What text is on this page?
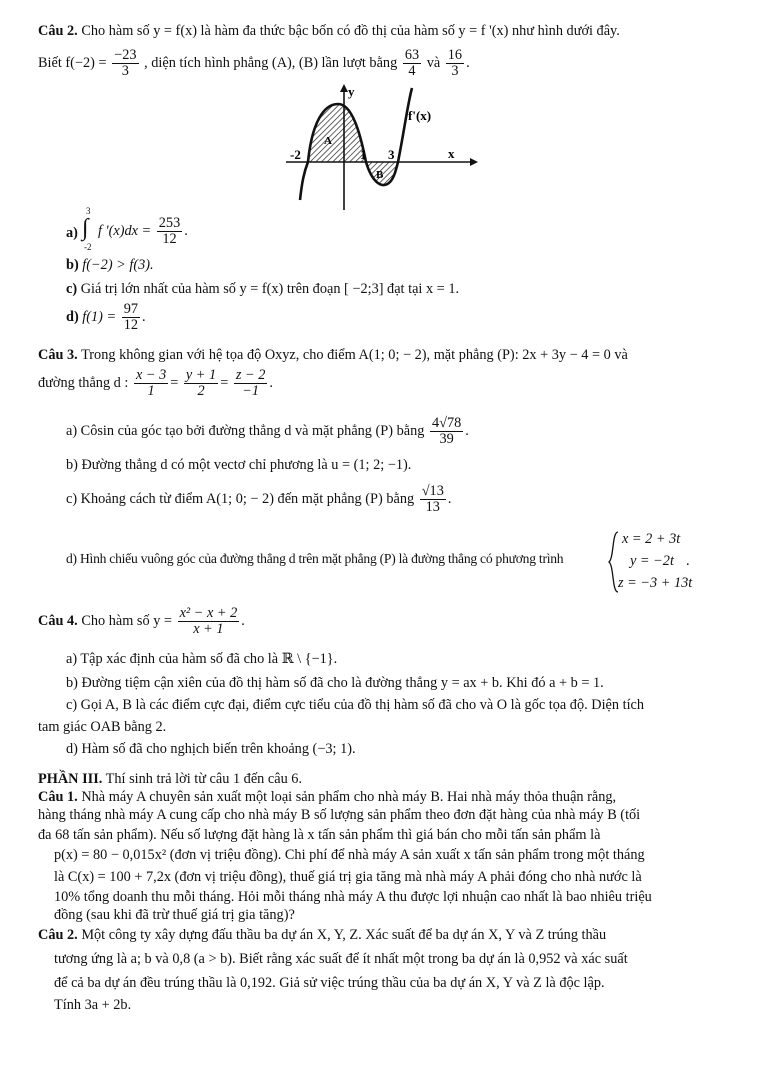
Câu 2. Cho hàm số y = f(x) là hàm đa thức bậc bốn có đồ thị của hàm số y = f '(x) như hình dưới đây.
Biết $f(-2) = \frac{-23}{3}$ , diện tích hình phẳng (A), (B) lần lượt bằng $\frac{63}{4}$ và $\frac{16}{3}$ .
y
x
f'(x)
A
B
-2	1 3
a)
3
∫
-2
f '$(x)dx = \frac{253}{12}$ .
b) f(−2) > f(3).
c) Giá trị lớn nhất của hàm số y = f(x) trên đoạn [ −2;3] đạt tại x = 1.
d) $f(1) = \frac{97}{12}$ .
Câu 3. Trong không gian với hệ tọa độ Oxyz, cho điểm A(1; 0; − 2), mặt phẳng (P): 2x + 3y − 4 = 0 và
đường thẳng d : $\frac{x - 3}{1} = \frac{y + 1}{2} = \frac{z - 2}{-1}$ .
a) Côsin của góc tạo bởi đường thẳng d và mặt phẳng (P) bằng $\frac{4√78}{39}$ .
b) Đường thẳng d có một vectơ chỉ phương là u = (1; 2; −1).
c) Khoảng cách từ điểm A(1; 0; − 2) đến mặt phẳng (P) bằng $\frac{√13}{13}$ .
d) Hình chiếu vuông góc của đường thẳng d trên mặt phẳng (P) là đường thẳng có phương trình
x = 2 + 3t
y = −2t
z = −3 + 13t
.
Câu 4. Cho hàm số $y = \frac{\text{x² − x + 2}}{x + 1}$ .
a) Tập xác định của hàm số đã cho là ℝ \ {−1}.
b) Đường tiệm cận xiên của đồ thị hàm số đã cho là đường thẳng y = ax + b. Khi đó a + b = 1.
c) Gọi A, B là các điểm cực đại, điểm cực tiểu của đồ thị hàm số đã cho và O là gốc tọa độ. Diện tích
tam giác OAB bằng 2.
d) Hàm số đã cho nghịch biến trên khoảng (−3; 1).
PHẦN III. Thí sinh trả lời từ câu 1 đến câu 6.
Câu 1. Nhà máy A chuyên sản xuất một loại sản phẩm cho nhà máy B. Hai nhà máy thỏa thuận rằng,
hàng tháng nhà máy A cung cấp cho nhà máy B số lượng sản phẩm theo đơn đặt hàng của nhà máy B (tối
đa 68 tấn sản phẩm). Nếu số lượng đặt hàng là x tấn sản phẩm thì giá bán cho mỗi tấn sản phẩm là
p(x) = 80 − 0,015x² (đơn vị triệu đồng). Chi phí để nhà máy A sản xuất x tấn sản phẩm trong một tháng
là C(x) = 100 + 7,2x (đơn vị triệu đồng), thuế giá trị gia tăng mà nhà máy A phải đóng cho nhà nước là
10% tổng doanh thu mỗi tháng. Hỏi mỗi tháng nhà máy A thu được lợi nhuận cao nhất là bao nhiêu triệu
đồng (sau khi đã trừ thuế giá trị gia tăng)?
Câu 2. Một công ty xây dựng đấu thầu ba dự án X, Y, Z. Xác suất để ba dự án X, Y và Z trúng thầu
tương ứng là a; b và 0,8 (a > b). Biết rằng xác suất để ít nhất một trong ba dự án là 0,952 và xác suất
để cả ba dự án đều trúng thầu là 0,192. Giả sử việc trúng thầu của ba dự án X, Y và Z là độc lập.
Tính 3a + 2b.
